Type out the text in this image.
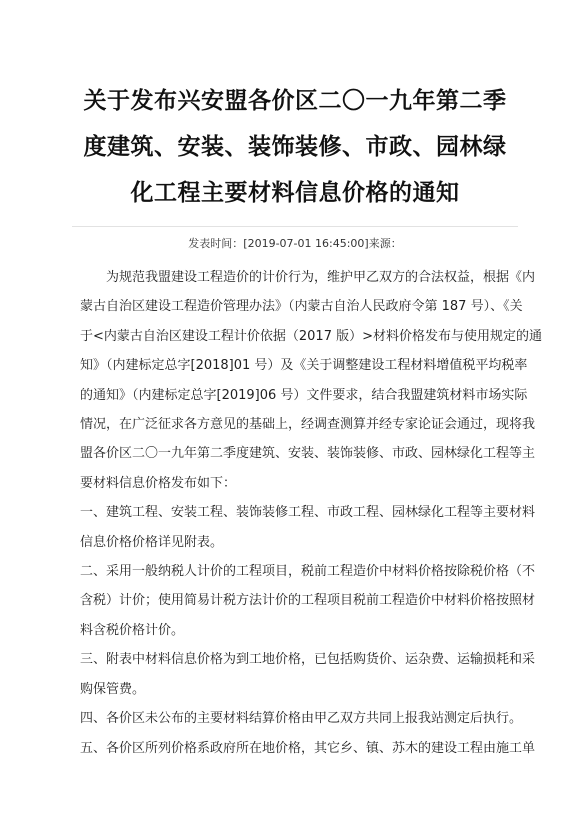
关于发布兴安盟各价区二〇一九年第二季
度建筑、安装、装饰装修、市政、园林绿
化工程主要材料信息价格的通知
发表时间：[2019-07-01 16:45:00]来源：

为规范我盟建设工程造价的计价行为，维护甲乙双方的合法权益，根据《内
蒙古自治区建设工程造价管理办法》（内蒙古自治人民政府令第 187 号）、《关
于<内蒙古自治区建设工程计价依据（2017 版）>材料价格发布与使用规定的通
知》（内建标定总字[2018]01 号）及《关于调整建设工程材料增值税平均税率
的通知》（内建标定总字[2019]06 号）文件要求，结合我盟建筑材料市场实际
情况，在广泛征求各方意见的基础上，经调查测算并经专家论证会通过，现将我
盟各价区二〇一九年第二季度建筑、安装、装饰装修、市政、园林绿化工程等主
要材料信息价格发布如下：

一、建筑工程、安装工程、装饰装修工程、市政工程、园林绿化工程等主要材料
信息价格价格详见附表。

二、采用一般纳税人计价的工程项目，税前工程造价中材料价格按除税价格（不
含税）计价；使用简易计税方法计价的工程项目税前工程造价中材料价格按照材
料含税价格计价。

三、附表中材料信息价格为到工地价格，已包括购货价、运杂费、运输损耗和采
购保管费。

四、各价区未公布的主要材料结算价格由甲乙双方共同上报我站测定后执行。

五、各价区所列价格系政府所在地价格，其它乡、镇、苏木的建设工程由施工单
